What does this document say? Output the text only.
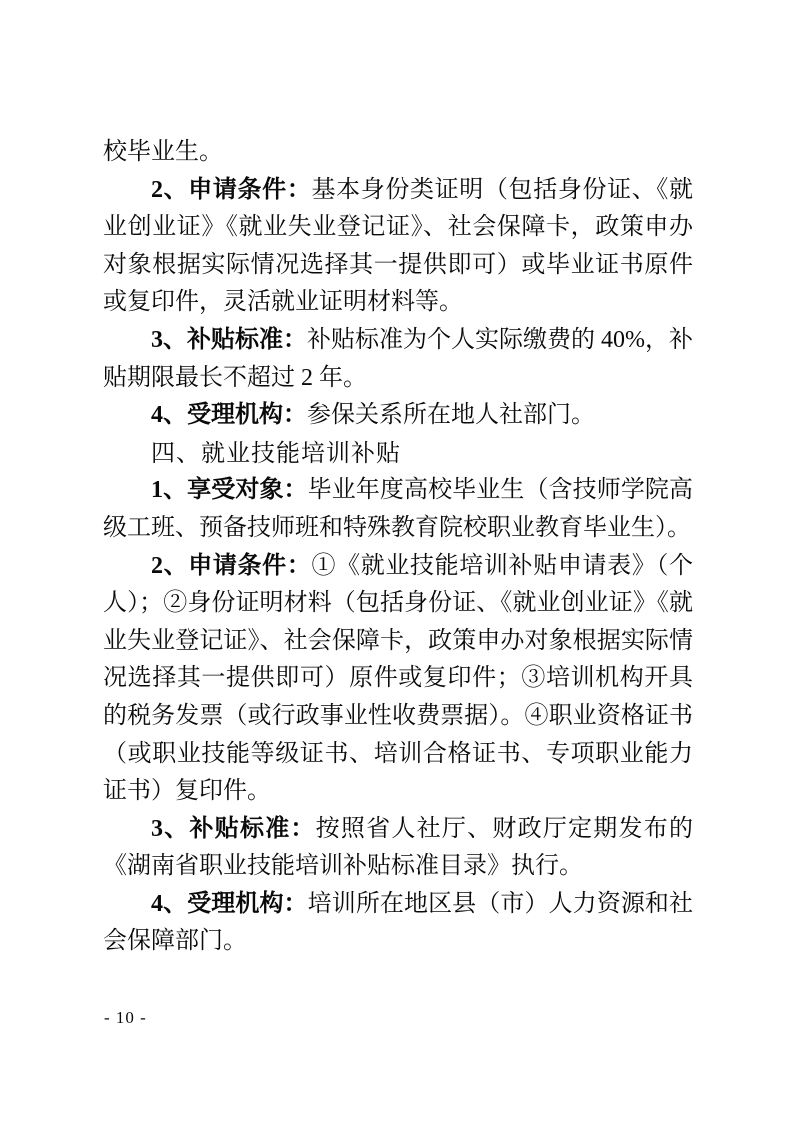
校毕业生。

2、申请条件：基本身份类证明（包括身份证、《就业创业证》《就业失业登记证》、社会保障卡，政策申办对象根据实际情况选择其一提供即可）或毕业证书原件或复印件，灵活就业证明材料等。

3、补贴标准：补贴标准为个人实际缴费的 40%，补贴期限最长不超过 2 年。

4、受理机构：参保关系所在地人社部门。

四、就业技能培训补贴

1、享受对象：毕业年度高校毕业生（含技师学院高级工班、预备技师班和特殊教育院校职业教育毕业生）。

2、申请条件：①《就业技能培训补贴申请表》（个人）；②身份证明材料（包括身份证、《就业创业证》《就业失业登记证》、社会保障卡，政策申办对象根据实际情况选择其一提供即可）原件或复印件；③培训机构开具的税务发票（或行政事业性收费票据）。④职业资格证书（或职业技能等级证书、培训合格证书、专项职业能力证书）复印件。

3、补贴标准：按照省人社厅、财政厅定期发布的《湖南省职业技能培训补贴标准目录》执行。

4、受理机构：培训所在地区县（市）人力资源和社会保障部门。

- 10 -
